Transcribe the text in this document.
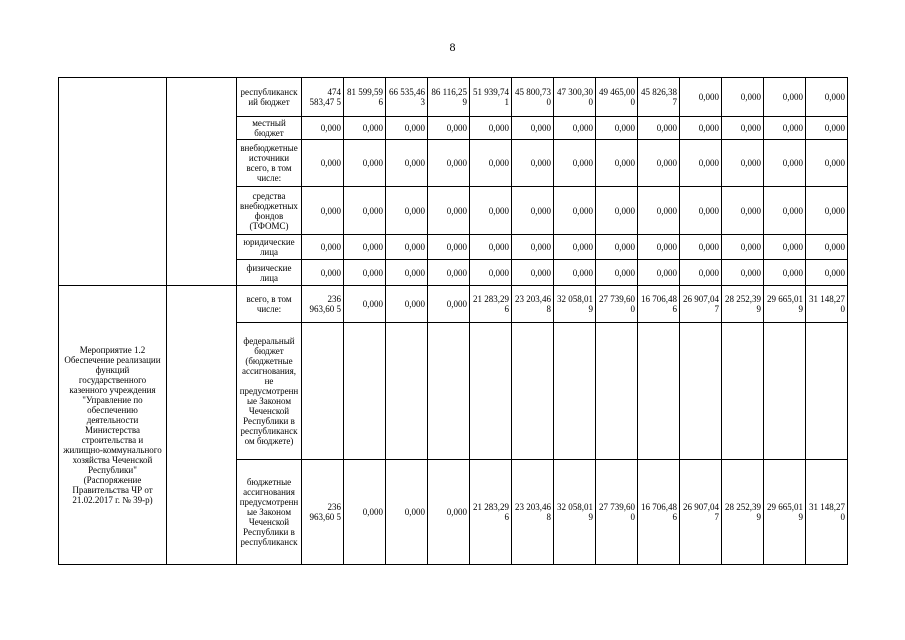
8
		республиканск ий бюджет	474 583,47 5	81 599,59 6	66 535,46 3	86 116,25 9	51 939,74 1	45 800,73 0	47 300,30 0	49 465,00 0	45 826,38 7	0,000	0,000	0,000	0,000
		местный бюджет	0,000	0,000	0,000	0,000	0,000	0,000	0,000	0,000	0,000	0,000	0,000	0,000	0,000
		внебюджетные источники всего, в том числе:	0,000	0,000	0,000	0,000	0,000	0,000	0,000	0,000	0,000	0,000	0,000	0,000	0,000
		средства внебюджетных фондов (ТФОМС)	0,000	0,000	0,000	0,000	0,000	0,000	0,000	0,000	0,000	0,000	0,000	0,000	0,000
		юридические лица	0,000	0,000	0,000	0,000	0,000	0,000	0,000	0,000	0,000	0,000	0,000	0,000	0,000
		физические лица	0,000	0,000	0,000	0,000	0,000	0,000	0,000	0,000	0,000	0,000	0,000	0,000	0,000
Мероприятие 1.2 Обеспечение реализации функций государственного казенного учреждения "Управление по обеспечению деятельности Министерства строительства и жилищно-коммунального хозяйства Чеченской Республики" (Распоряжение Правительства ЧР от 21.02.2017 г. № 39-р)		всего, в том числе:	236 963,60 5	0,000	0,000	0,000	21 283,29 6	23 203,46 8	32 058,01 9	27 739,60 0	16 706,48 6	26 907,04 7	28 252,39 9	29 665,01 9	31 148,27 0
		федеральный бюджет (бюджетные ассигнования, не предусмотренн ые Законом Чеченской Республики в республиканск ом бюджете)													
		бюджетные ассигнования предусмотренн ые Законом Чеченской Республики в республиканск	236 963,60 5	0,000	0,000	0,000	21 283,29 6	23 203,46 8	32 058,01 9	27 739,60 0	16 706,48 6	26 907,04 7	28 252,39 9	29 665,01 9	31 148,27 0
